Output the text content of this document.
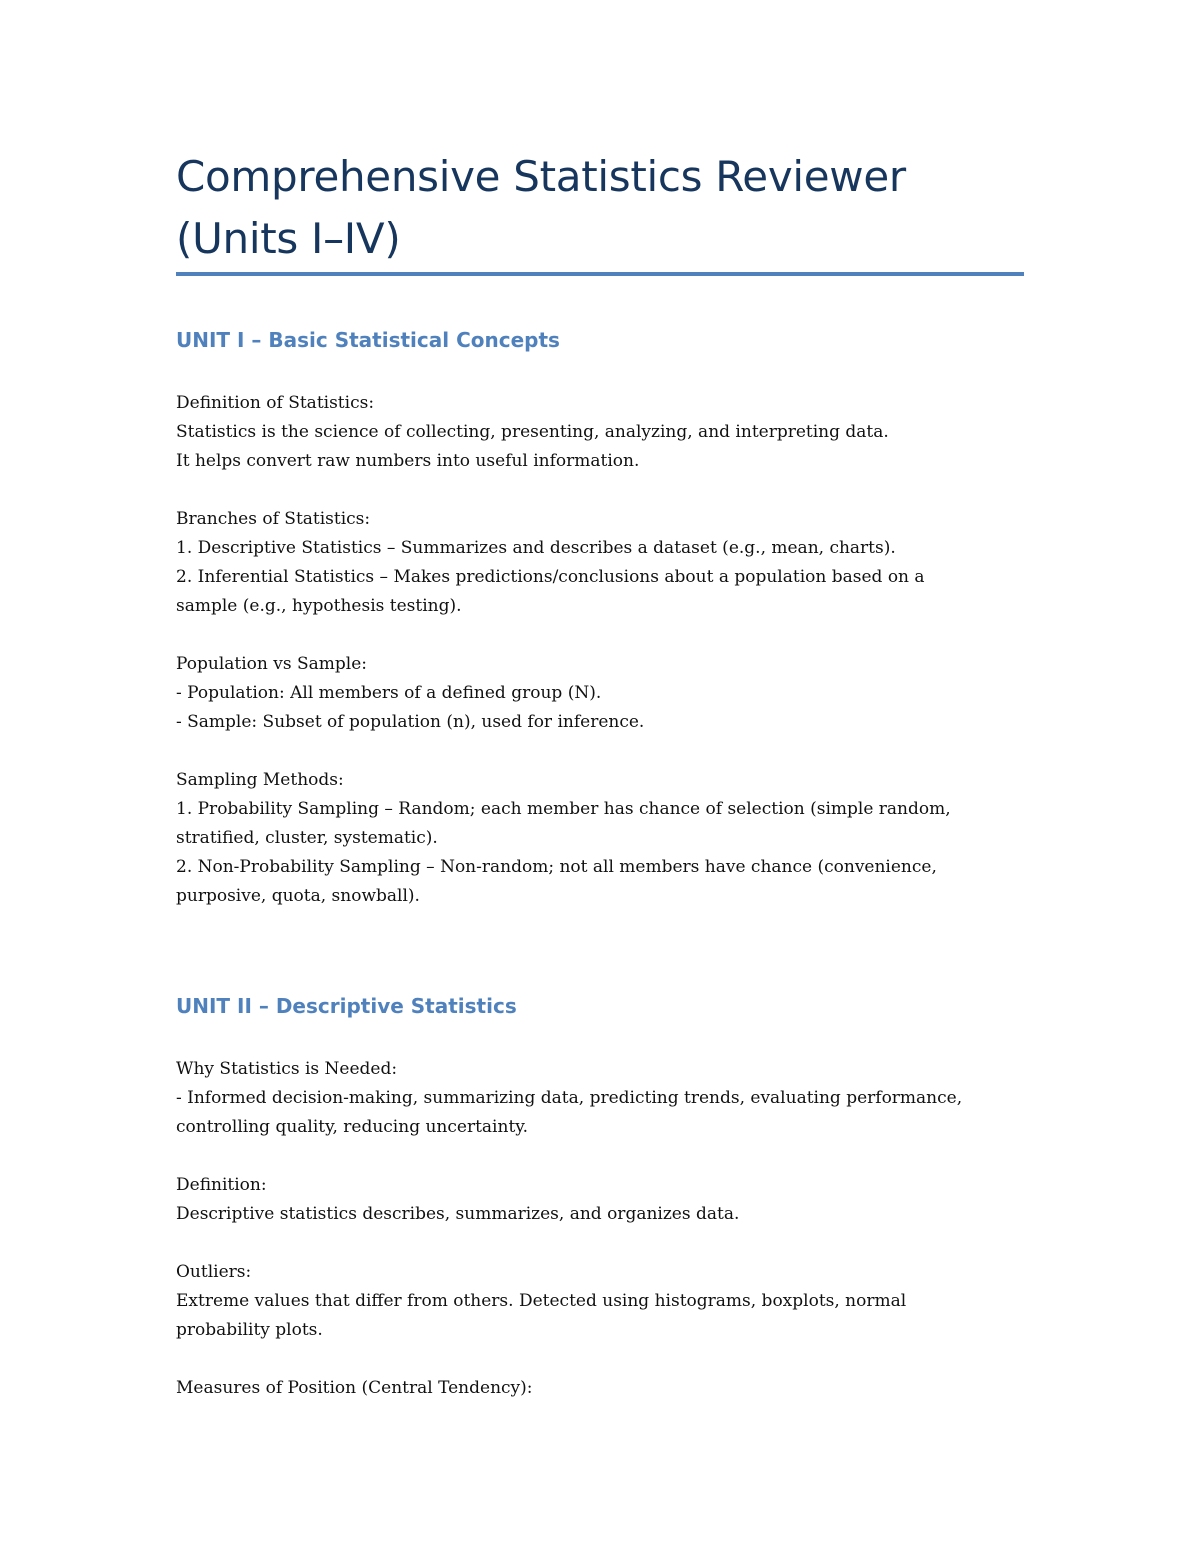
Comprehensive Statistics Reviewer
(Units I–IV)
UNIT I – Basic Statistical Concepts

Definition of Statistics:

Statistics is the science of collecting, presenting, analyzing, and interpreting data.

It helps convert raw numbers into useful information.

Branches of Statistics:

1. Descriptive Statistics – Summarizes and describes a dataset (e.g., mean, charts).

2. Inferential Statistics – Makes predictions/conclusions about a population based on a

sample (e.g., hypothesis testing).

Population vs Sample:

- Population: All members of a defined group (N).

- Sample: Subset of population (n), used for inference.

Sampling Methods:

1. Probability Sampling – Random; each member has chance of selection (simple random,

stratified, cluster, systematic).

2. Non-Probability Sampling – Non-random; not all members have chance (convenience,

purposive, quota, snowball).

UNIT II – Descriptive Statistics

Why Statistics is Needed:

- Informed decision-making, summarizing data, predicting trends, evaluating performance,

controlling quality, reducing uncertainty.

Definition:

Descriptive statistics describes, summarizes, and organizes data.

Outliers:

Extreme values that differ from others. Detected using histograms, boxplots, normal

probability plots.

Measures of Position (Central Tendency):
